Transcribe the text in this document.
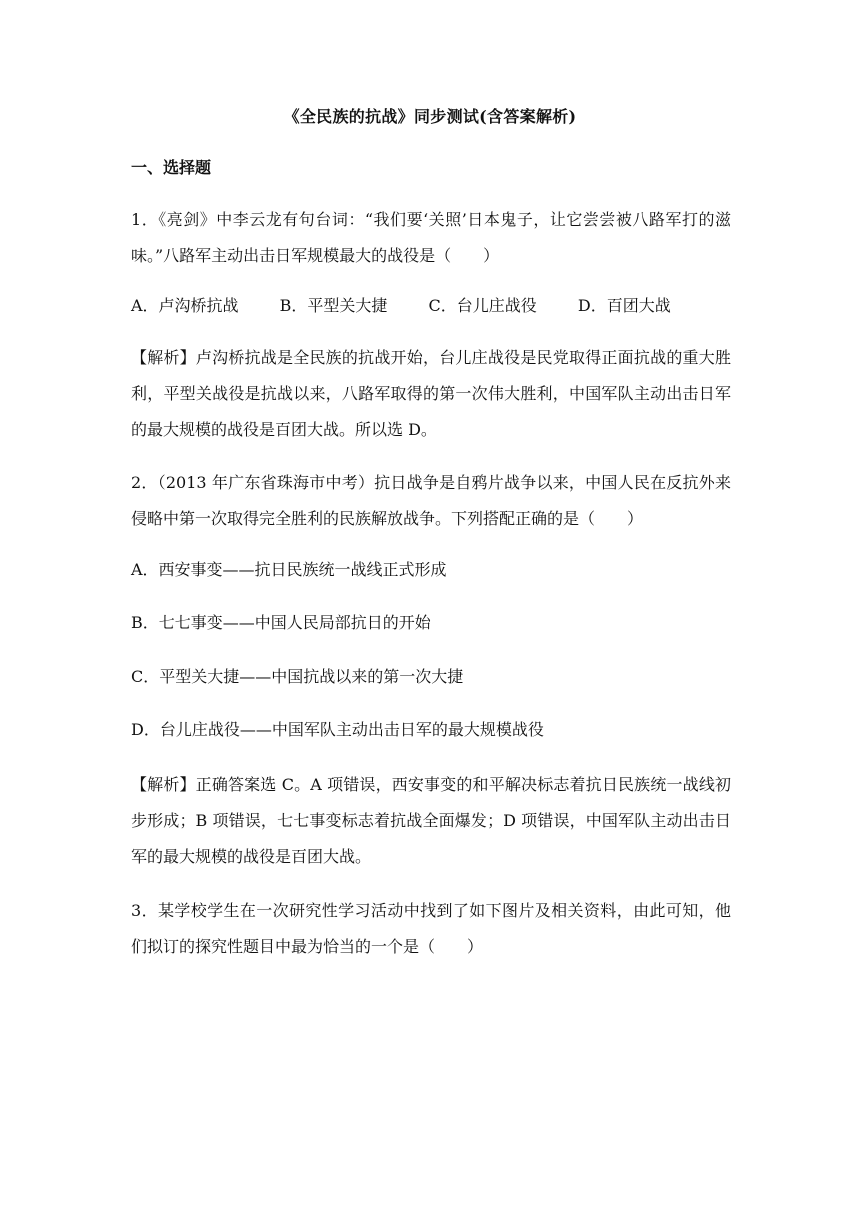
《全民族的抗战》同步测试(含答案解析)
一、选择题
1．《亮剑》中李云龙有句台词：“我们要‘关照’日本鬼子，让它尝尝被八路军打的滋味。”八路军主动出击日军规模最大的战役是（　　）
A．卢沟桥抗战	B．平型关大捷	C．台儿庄战役	D．百团大战
【解析】卢沟桥抗战是全民族的抗战开始，台儿庄战役是民党取得正面抗战的重大胜利，平型关战役是抗战以来，八路军取得的第一次伟大胜利，中国军队主动出击日军的最大规模的战役是百团大战。所以选 D。
2．（2013 年广东省珠海市中考）抗日战争是自鸦片战争以来，中国人民在反抗外来侵略中第一次取得完全胜利的民族解放战争。下列搭配正确的是（　　）
A．西安事变——抗日民族统一战线正式形成
B．七七事变——中国人民局部抗日的开始
C．平型关大捷——中国抗战以来的第一次大捷
D．台儿庄战役——中国军队主动出击日军的最大规模战役
【解析】正确答案选 C。A 项错误，西安事变的和平解决标志着抗日民族统一战线初步形成；B 项错误，七七事变标志着抗战全面爆发；D 项错误，中国军队主动出击日军的最大规模的战役是百团大战。
3．某学校学生在一次研究性学习活动中找到了如下图片及相关资料，由此可知，他们拟订的探究性题目中最为恰当的一个是（　　）
